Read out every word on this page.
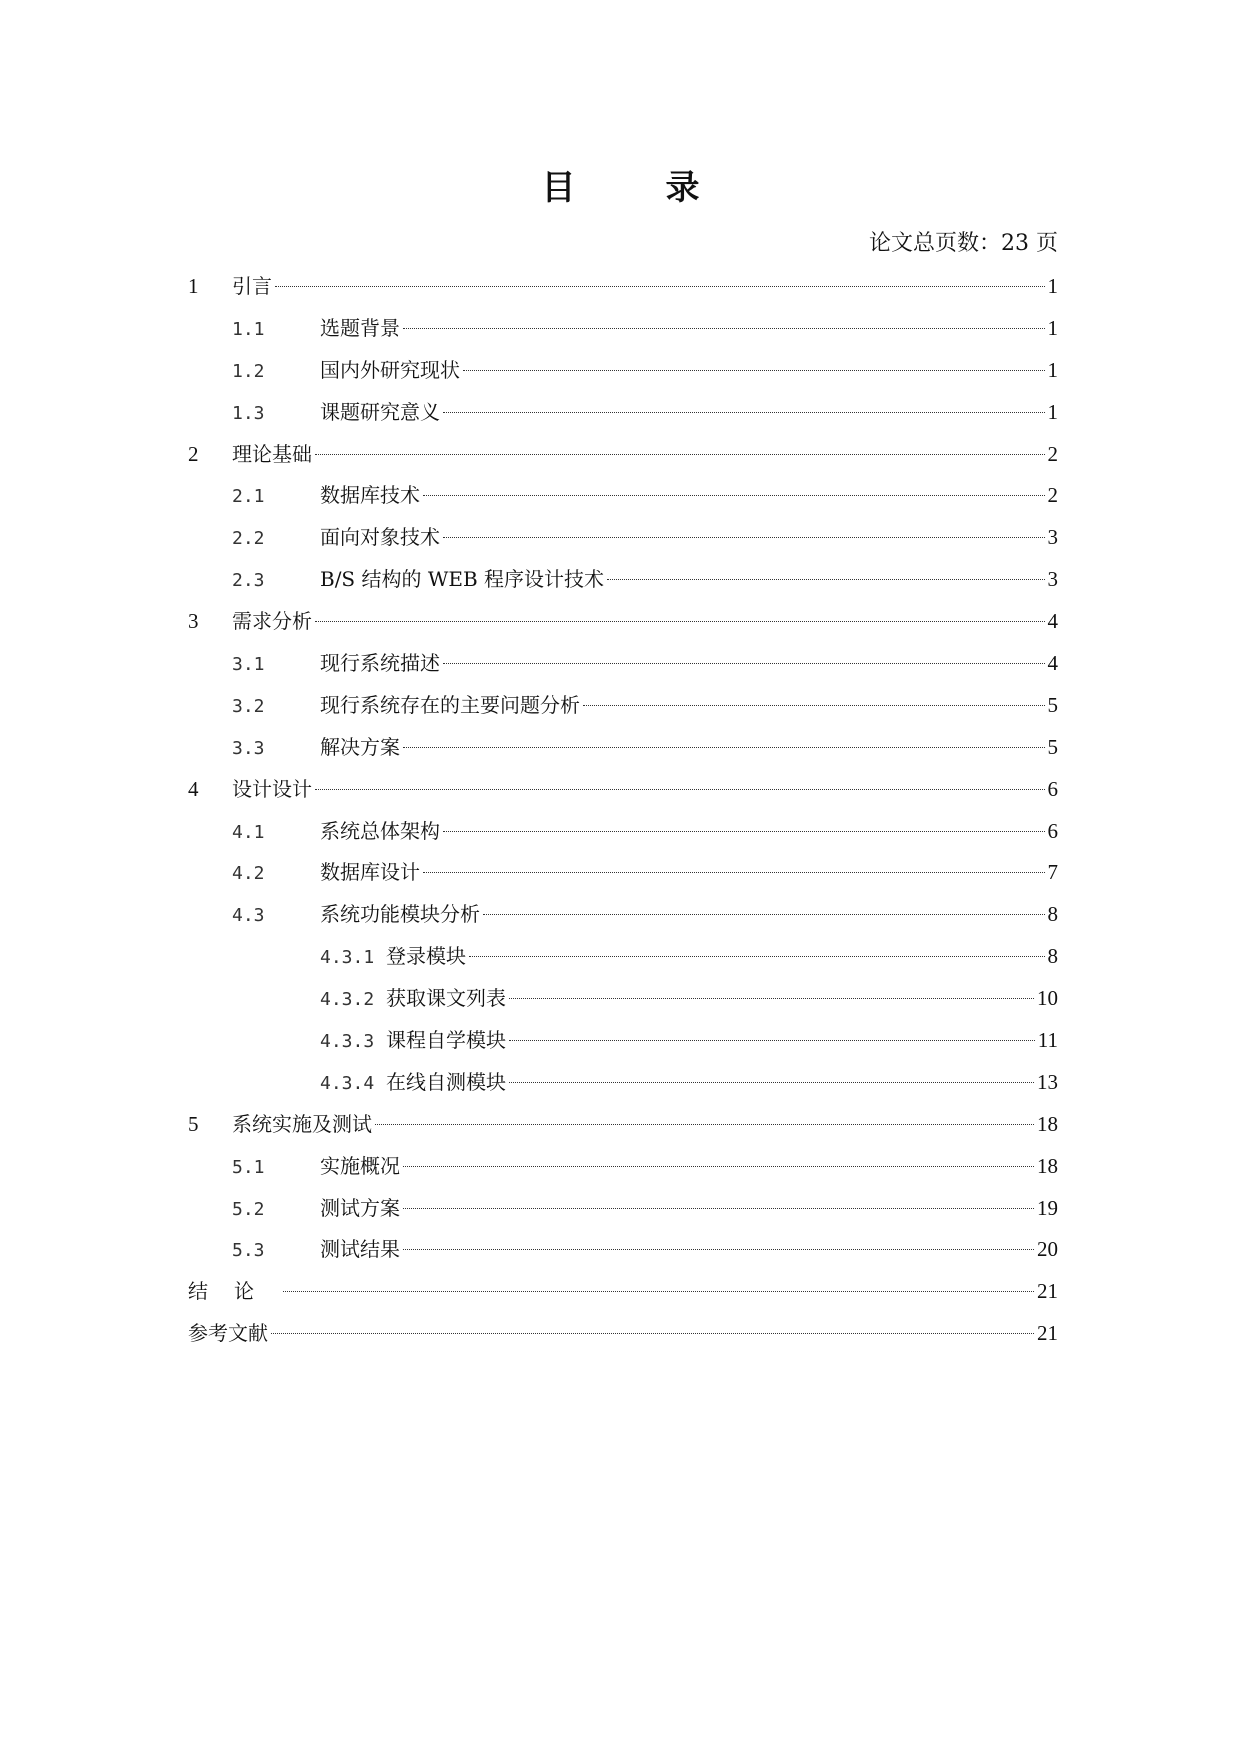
目　录
论文总页数：23 页
1	引言	1
1.1	选题背景	1
1.2	国内外研究现状	1
1.3	课题研究意义	1
2	理论基础	2
2.1	数据库技术	2
2.2	面向对象技术	3
2.3	B/S 结构的 WEB 程序设计技术	3
3	需求分析	4
3.1	现行系统描述	4
3.2	现行系统存在的主要问题分析	5
3.3	解决方案	5
4	设计设计	6
4.1	系统总体架构	6
4.2	数据库设计	7
4.3	系统功能模块分析	8
4.3.1 登录模块	8
4.3.2 获取课文列表	10
4.3.3 课程自学模块	11
4.3.4 在线自测模块	13
5	系统实施及测试	18
5.1	实施概况	18
5.2	测试方案	19
5.3	测试结果	20
结论	21
参考文献	21
